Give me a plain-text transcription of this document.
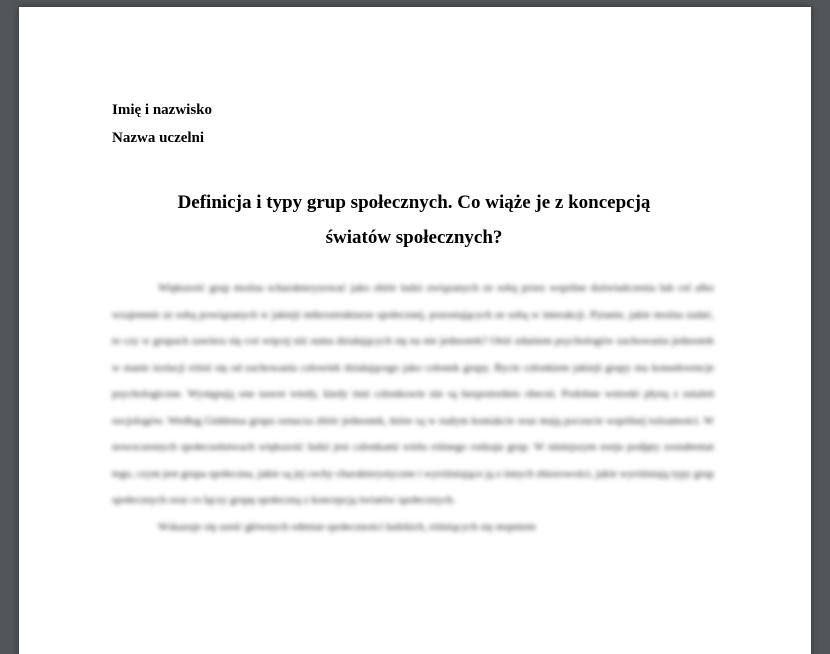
Imię i nazwisko
Nazwa uczelni
Definicja i typy grup społecznych. Co wiąże je z koncepcją
światów społecznych?

Większość grup można scharakteryzować jako zbiór ludzi związanych ze sobą przez wspólne doświadczenia lub cel albo wzajemnie ze sobą powiązanych w jakiejś mikrostrukturze społecznej, pozostających ze sobą w interakcji. Pytanie, jakie można zadać, to czy w grupach zawiera się coś więcej niż suma działających się na nie jednostek? Otóż zdaniem psychologów zachowania jednostek w stanie izolacji różni się od zachowania człowiek działającego jako członek grupy. Bycie członkiem jakiejś grupy ma konsekwencje psychologiczne. Występują one nawet wtedy, kiedy inni członkowie nie są bezpośrednio obecni. Podobne wnioski płyną z ustaleń socjologów. Według Giddensa grupa oznacza zbiór jednostek, które są w stałym kontakcie oraz mają poczucie wspólnej tożsamości. W nowoczesnych społeczeństwach większość ludzi jest członkami wielu różnego rodzaju grup. W niniejszym eseju podjęty zostałtemat tego, czym jest grupa społeczna, jakie są jej cechy charakterystyczne i wyróżniające ją z innych zbiorowości, jakie wyróżniają typy grup społecznych oraz co łączy grupę społeczną z koncepcją światów społecznych.

Wskazuje się sześć głównych odmian społeczności ludzkich, różniących się stopniem
